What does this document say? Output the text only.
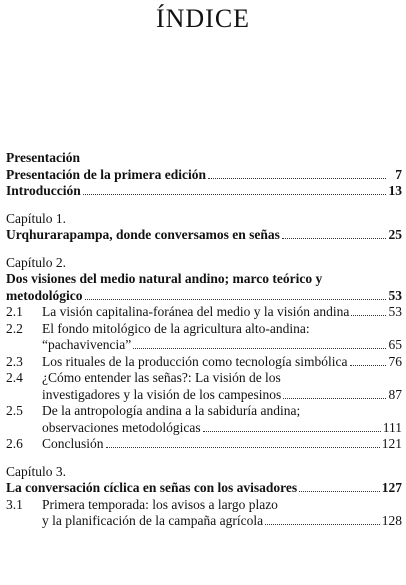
ÍNDICE
Presentación
Presentación de la primera edición	7
Introducción	13
Capítulo 1.
Urqhurarapampa, donde conversamos en señas	25
Capítulo 2.
Dos visiones del medio natural andino; marco teórico y
metodológico	53
2.1	La visión capitalina-foránea del medio y la visión andina	53
2.2	El fondo mitológico de la agricultura alto-andina:
“pachavivencia”	65
2.3	Los rituales de la producción como tecnología simbólica	76
2.4	¿Cómo entender las señas?: La visión de los
investigadores y la visión de los campesinos	87
2.5	De la antropología andina a la sabiduría andina;
observaciones metodológicas	111
2.6	Conclusión	121
Capítulo 3.
La conversación cíclica en señas con los avisadores	127
3.1	Primera temporada: los avisos a largo plazo
y la planificación de la campaña agrícola	128
